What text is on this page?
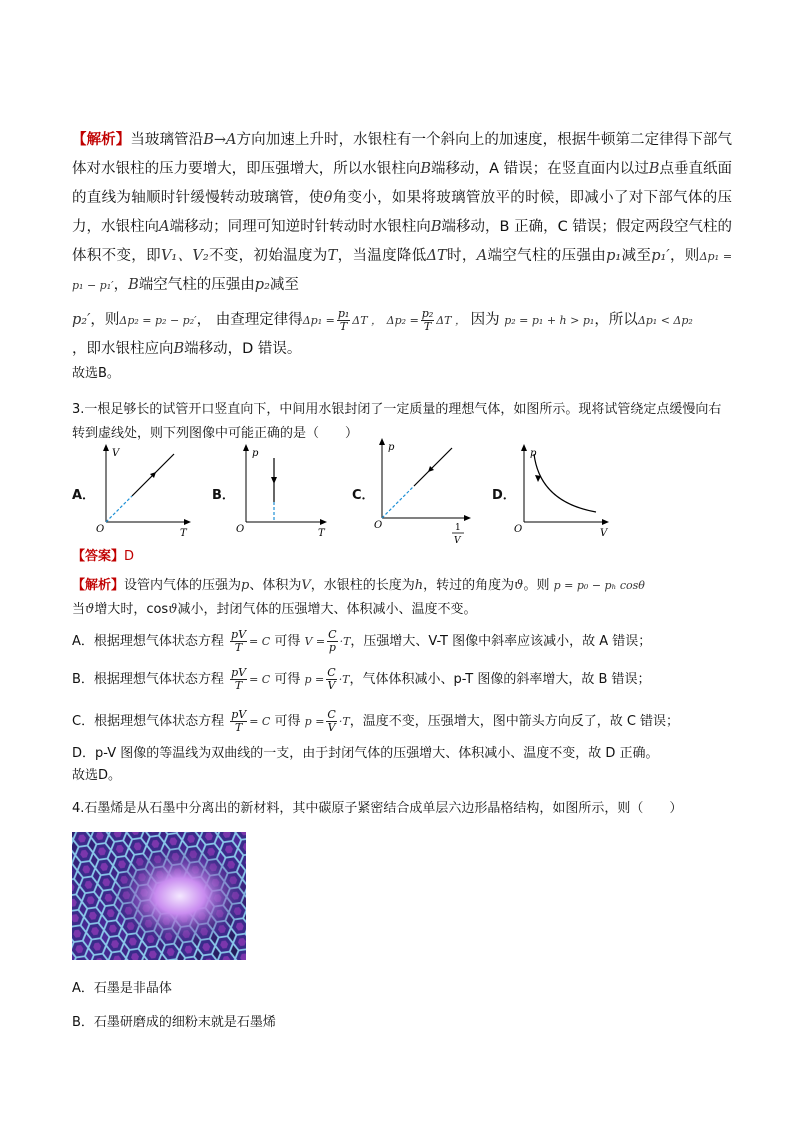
【解析】当玻璃管沿B→A方向加速上升时，水银柱有一个斜向上的加速度，根据牛顿第二定律得下部气体对水银柱的压力要增大，即压强增大，所以水银柱向B端移动，A 错误；在竖直面内以过B点垂直纸面的直线为轴顺时针缓慢转动玻璃管，使θ角变小，如果将玻璃管放平的时候，即减小了对下部气体的压力，水银柱向A端移动；同理可知逆时针转动时水银柱向B端移动，B 正确，C 错误；假定两段空气柱的体积不变，即V₁、V₂不变，初始温度为T，当温度降低ΔT时，A端空气柱的压强由p₁减至p₁′，则Δp₁ = p₁ − p₁′，B端空气柱的压强由p₂减至

p₂′，则Δp₂ = p₂ − p₂′， 由查理定律得$\Delta p_1 = \frac{\text{p₁}}{T}$ ΔT ， $\Delta p_2 = \frac{\text{p₂}}{T}$ ΔT ， 因为 p₂ = p₁ + h > p₁，所以Δp₁ < Δp₂

，即水银柱应向B端移动，D 错误。

故选B。

3.一根足够长的试管开口竖直向下，中间用水银封闭了一定质量的理想气体，如图所示。现将试管绕定点缓慢向右转到虚线处，则下列图像中可能正确的是（　　）

A．
V
T
O
B．
p
T
O
C．
p
O	1
V
D．
p
V
O

【答案】D

【解析】设管内气体的压强为p、体积为V，水银柱的长度为h，转过的角度为ϑ。则 p = p₀ − pₕ cosθ

当ϑ增大时，cosϑ减小，封闭气体的压强增大、体积减小、温度不变。

A．根据理想气体状态方程 $\frac{pV}{T} = C$ 可得 $V = \frac{C}{p} \cdot T$，压强增大、V-T 图像中斜率应该减小，故 A 错误；

B．根据理想气体状态方程 $\frac{pV}{T} = C$ 可得 $p = \frac{C}{V} \cdot T$，气体体积减小、p-T 图像的斜率增大，故 B 错误；

C．根据理想气体状态方程 $\frac{pV}{T} = C$ 可得 $p = \frac{C}{V} \cdot T$，温度不变，压强增大，图中箭头方向反了，故 C 错误；

D．p-V 图像的等温线为双曲线的一支，由于封闭气体的压强增大、体积减小、温度不变，故 D 正确。

故选D。

4.石墨烯是从石墨中分离出的新材料，其中碳原子紧密结合成单层六边形晶格结构，如图所示，则（　　）

A．石墨是非晶体

B．石墨研磨成的细粉末就是石墨烯
